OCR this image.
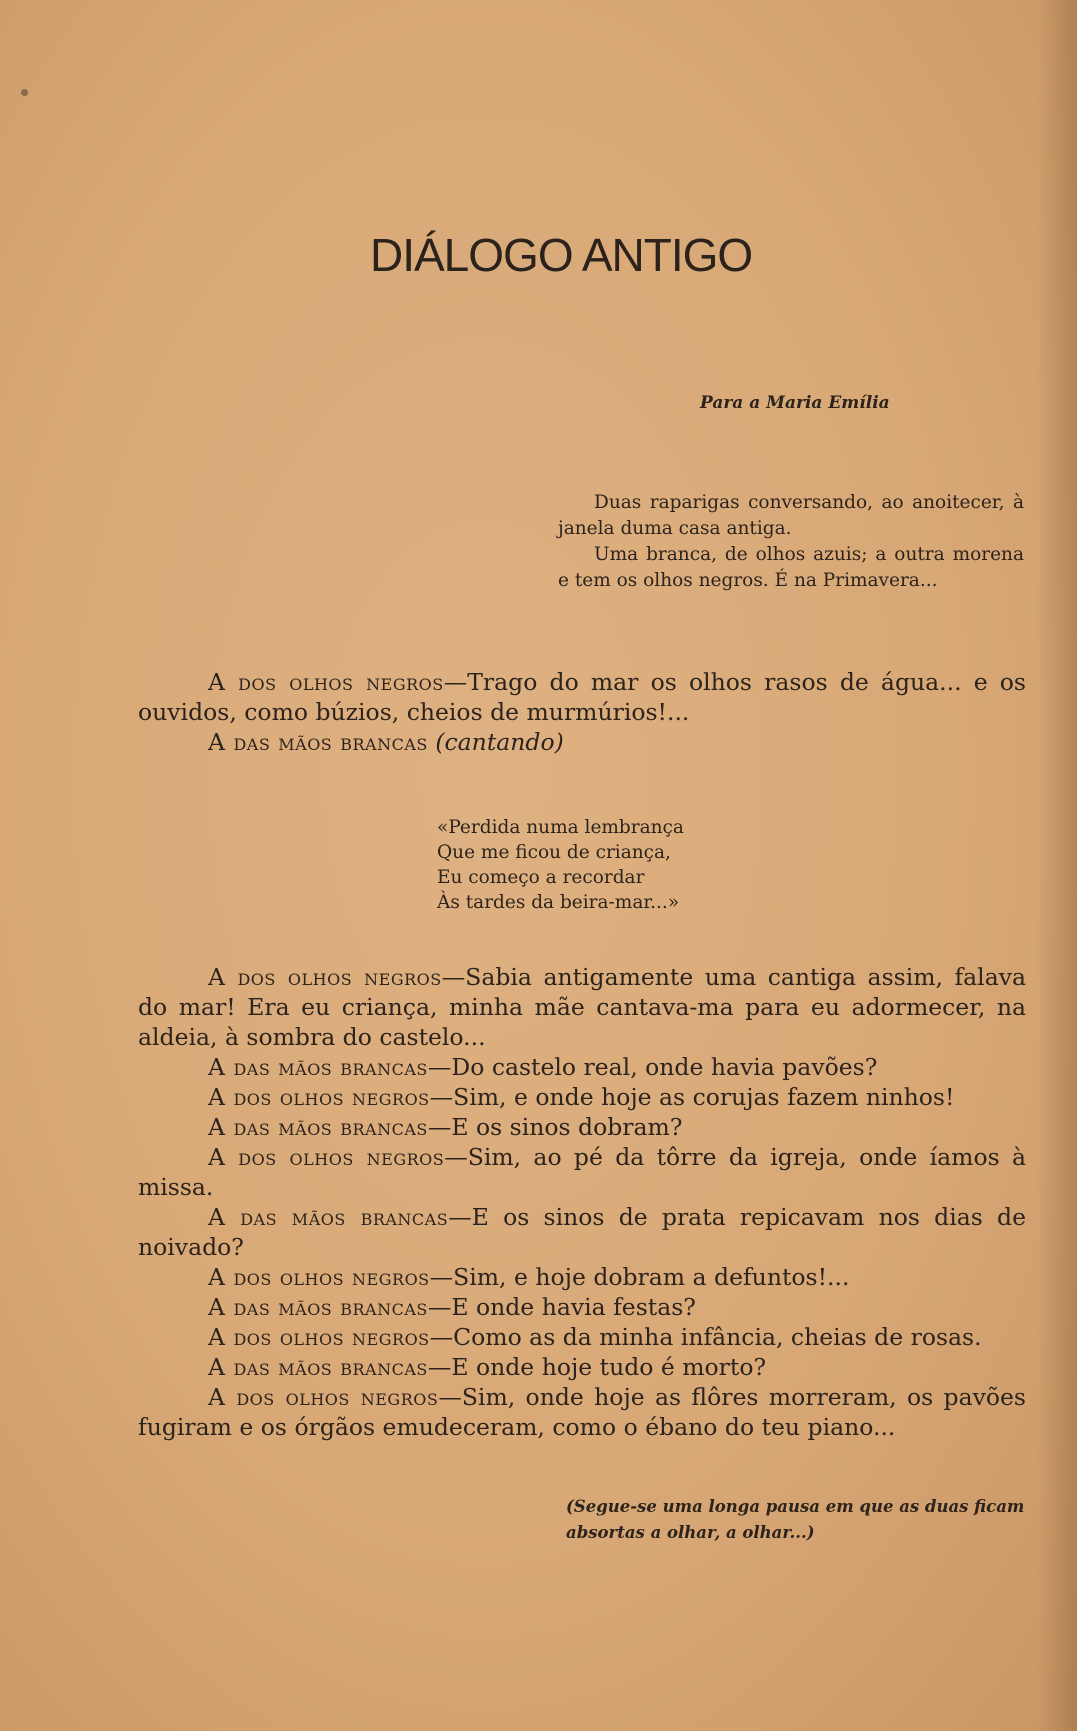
DIÁLOGO ANTIGO
Para a Maria Emília

Duas raparigas conversando, ao anoitecer, à janela duma casa antiga.

Uma branca, de olhos azuis; a outra morena e tem os olhos negros. É na Primavera...

A dos olhos negros—Trago do mar os olhos rasos de água... e os ouvidos, como búzios, cheios de murmúrios!...

A das mãos brancas (cantando)

«Perdida numa lembrança
Que me ficou de criança,
Eu começo a recordar
Às tardes da beira-mar...»

A dos olhos negros—Sabia antigamente uma cantiga assim, falava do mar! Era eu criança, minha mãe cantava-ma para eu adormecer, na aldeia, à sombra do castelo...

A das mãos brancas—Do castelo real, onde havia pavões?

A dos olhos negros—Sim, e onde hoje as corujas fazem ninhos!

A das mãos brancas—E os sinos dobram?

A dos olhos negros—Sim, ao pé da tôrre da igreja, onde íamos à missa.

A das mãos brancas—E os sinos de prata repicavam nos dias de noivado?

A dos olhos negros—Sim, e hoje dobram a defuntos!...

A das mãos brancas—E onde havia festas?

A dos olhos negros—Como as da minha infância, cheias de rosas.

A das mãos brancas—E onde hoje tudo é morto?

A dos olhos negros—Sim, onde hoje as flôres morreram, os pavões fugiram e os órgãos emudeceram, como o ébano do teu piano...

(Segue-se uma longa pausa em que as duas ficam
absortas a olhar, a olhar...)
